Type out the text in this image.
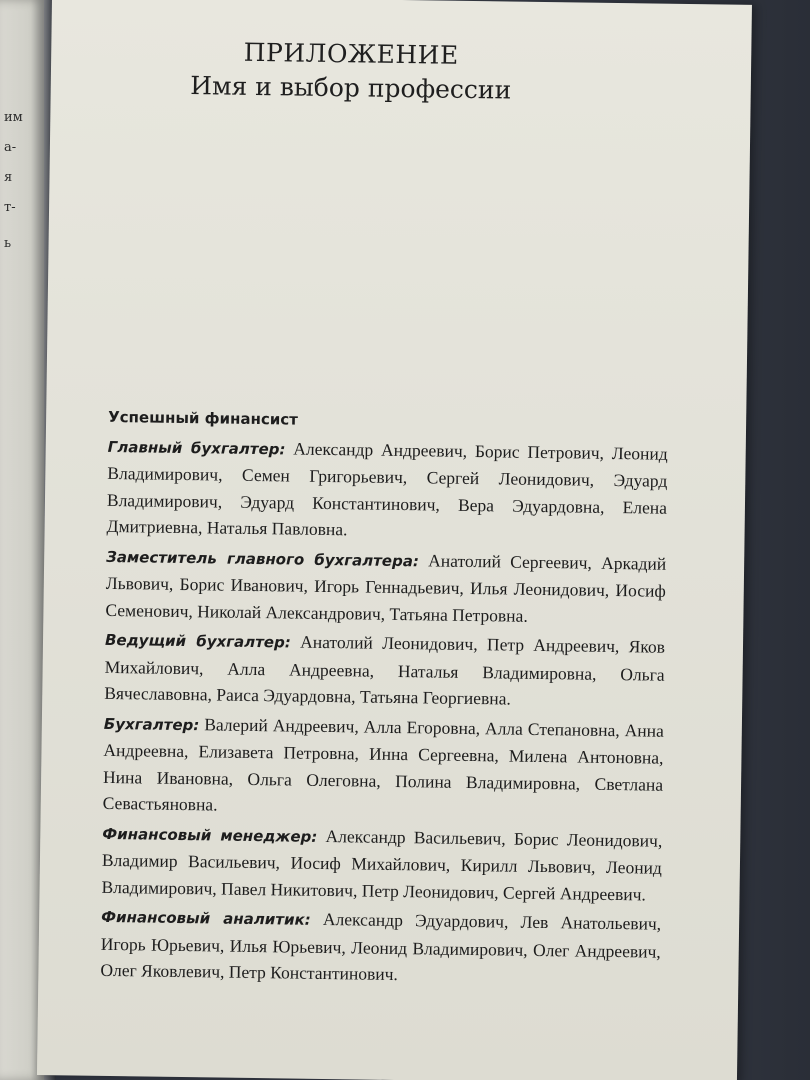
им
а-
я
т-
ь
ПРИЛОЖЕНИЕ
Имя и выбор профессии
Успешный финансист

Главный бухгалтер: Александр Андреевич, Борис Петрович, Леонид Владимирович, Семен Григорьевич, Сергей Леонидович, Эдуард Владимирович, Эдуард Константинович, Вера Эдуардовна, Елена Дмитриевна, Наталья Павловна.

Заместитель главного бухгалтера: Анатолий Сергеевич, Аркадий Львович, Борис Иванович, Игорь Геннадьевич, Илья Леонидович, Иосиф Семенович, Николай Александрович, Татьяна Петровна.

Ведущий бухгалтер: Анатолий Леонидович, Петр Андреевич, Яков Михайлович, Алла Андреевна, Наталья Владимировна, Ольга Вячеславовна, Раиса Эдуардовна, Татьяна Георгиевна.

Бухгалтер: Валерий Андреевич, Алла Егоровна, Алла Степановна, Анна Андреевна, Елизавета Петровна, Инна Сергеевна, Милена Антоновна, Нина Ивановна, Ольга Олеговна, Полина Владимировна, Светлана Севастьяновна.

Финансовый менеджер: Александр Васильевич, Борис Леонидович, Владимир Васильевич, Иосиф Михайлович, Кирилл Львович, Леонид Владимирович, Павел Никитович, Петр Леонидович, Сергей Андреевич.

Финансовый аналитик: Александр Эдуардович, Лев Анатольевич, Игорь Юрьевич, Илья Юрьевич, Леонид Владимирович, Олег Андреевич, Олег Яковлевич, Петр Константинович.
